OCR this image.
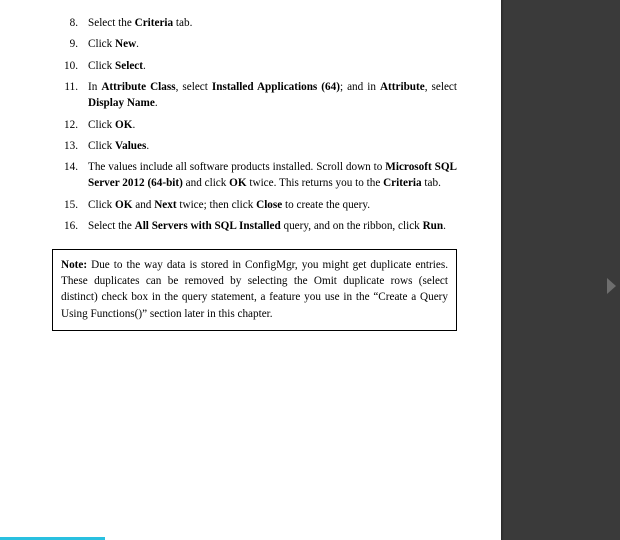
8. Select the Criteria tab.
9. Click New.
10. Click Select.
11. In Attribute Class, select Installed Applications (64); and in Attribute, select Display Name.
12. Click OK.
13. Click Values.
14. The values include all software products installed. Scroll down to Microsoft SQL Server 2012 (64-bit) and click OK twice. This returns you to the Criteria tab.
15. Click OK and Next twice; then click Close to create the query.
16. Select the All Servers with SQL Installed query, and on the ribbon, click Run.
Note: Due to the way data is stored in ConfigMgr, you might get duplicate entries. These duplicates can be removed by selecting the Omit duplicate rows (select distinct) check box in the query statement, a feature you use in the “Create a Query Using Functions()” section later in this chapter.
